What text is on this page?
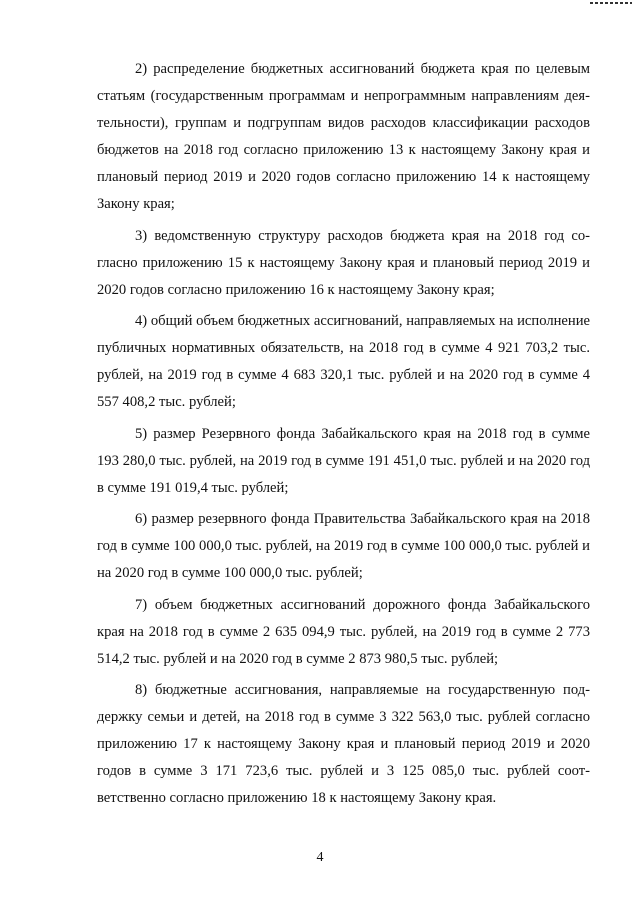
2) распределение бюджетных ассигнований бюджета края по целевым статьям (государственным программам и непрограммным направлениям деятельности), группам и подгруппам видов расходов классификации расходов бюджетов на 2018 год согласно приложению 13 к настоящему Закону края и плановый период 2019 и 2020 годов согласно приложению 14 к настоящему Закону края;

3) ведомственную структуру расходов бюджета края на 2018 год согласно приложению 15 к настоящему Закону края и плановый период 2019 и 2020 годов согласно приложению 16 к настоящему Закону края;

4) общий объем бюджетных ассигнований, направляемых на исполнение публичных нормативных обязательств, на 2018 год в сумме 4 921 703,2 тыс. рублей, на 2019 год в сумме 4 683 320,1 тыс. рублей и на 2020 год в сумме 4 557 408,2 тыс. рублей;

5) размер Резервного фонда Забайкальского края на 2018 год в сумме 193 280,0 тыс. рублей, на 2019 год в сумме 191 451,0 тыс. рублей и на 2020 год в сумме 191 019,4 тыс. рублей;

6) размер резервного фонда Правительства Забайкальского края на 2018 год в сумме 100 000,0 тыс. рублей, на 2019 год в сумме 100 000,0 тыс. рублей и на 2020 год в сумме 100 000,0 тыс. рублей;

7) объем бюджетных ассигнований дорожного фонда Забайкальского края на 2018 год в сумме 2 635 094,9 тыс. рублей, на 2019 год в сумме 2 773 514,2 тыс. рублей и на 2020 год в сумме 2 873 980,5 тыс. рублей;

8) бюджетные ассигнования, направляемые на государственную поддержку семьи и детей, на 2018 год в сумме 3 322 563,0 тыс. рублей согласно приложению 17 к настоящему Закону края и плановый период 2019 и 2020 годов в сумме 3 171 723,6 тыс. рублей и 3 125 085,0 тыс. рублей соответственно согласно приложению 18 к настоящему Закону края.

4
